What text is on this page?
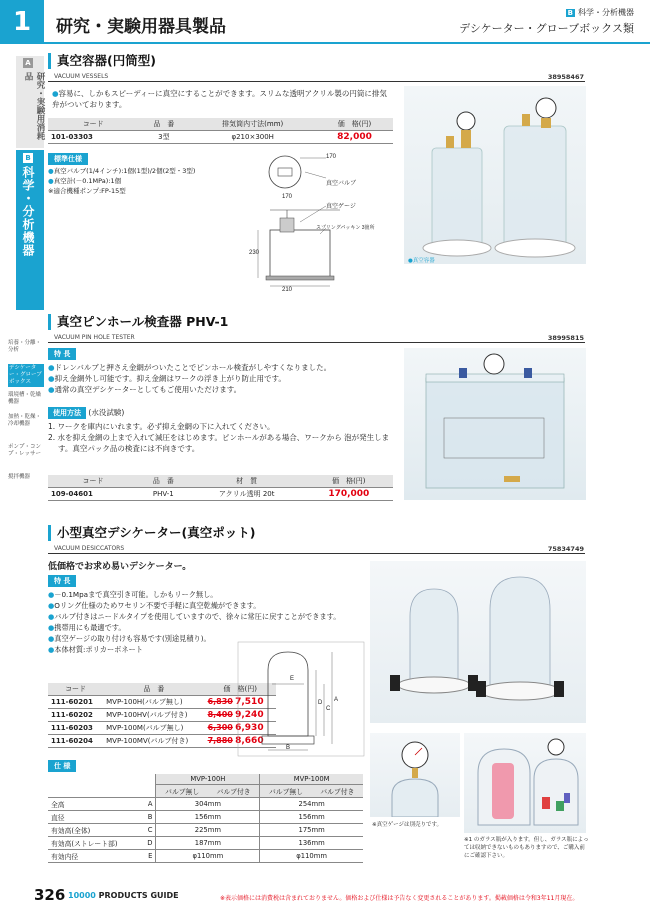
1	研究・実験用器具製品
B 科学・分析機器
デシケーター・グローブボックス類
A
研究・実験用消耗品
B
科学・分析機器
培養・分離・分析
デシケーター・グローブボックス
環境槽・乾燥機器
加熱・乾燥・冷却機器
ポンプ・コンプ・レッサー
撹拌機器
真空容器(円筒型)
VACUUM VESSELS	38958467
●容易に、しかもスピーディーに真空にすることができます。スリムな透明アクリル製の円筒に排気弁がついております。
コード	品　番	排気筒内寸法(mm)	価　格(円)
101-03303	3型	φ210×300H	82,000
標準仕様
●真空バルブ(1/4インチ):1個(1型)/2個(2型・3型)
●真空計(－0.1MPa):1個
※適合機種ポンプ:FP-15型
170
真空バルブ
170
真空ゲージ
スプリングパッキン 3箇所
230
210
●真空容器
真空ピンホール検査器 PHV-1
VACUUM PIN HOLE TESTER	38995815
特 長
●ドレンバルブと押さえ金網がついたことでピンホール検査がしやすくなりました。
●抑え金網外し可能です。抑え金網はワークの浮き上がり防止用です。
●通常の真空デシケーターとしてもご使用いただけます。
使用方法 (水没試験)
1. ワークを庫内にいれます。必ず抑え金網の下に入れてください。
2. 水を抑え金網の上まで入れて減圧をはじめます。ピンホールがある場合、ワークから 泡が発生します。真空パック品の検査には不向きです。
コード	品　番	材　質	価　格(円)
109-04601	PHV-1	アクリル透明 20t	170,000
小型真空デシケーター(真空ポット)
VACUUM DESICCATORS	75834749
低価格でお求め易いデシケーター。
特 長
●－0.1Mpaまで真空引き可能。しかもリーク無し。
●Oリング仕様のためワセリン不要で手軽に真空乾燥ができます。
●バルブ付きはニードルタイプを使用していますので、徐々に常圧に戻すことができます。
●携帯用にも最適です。
●真空ゲージの取り付けも容易です(別途見積り)。
●本体材質:ポリカーボネート
コード	品　番	価　格(円)
111-60201	MVP-100H(バルブ無し)	6,830 7,510
111-60202	MVP-100HV(バルブ付き)	8,400 9,240
111-60203	MVP-100M(バルブ無し)	6,300 6,930
111-60204	MVP-100MV(バルブ付き)	7,880 8,660
E
D
C
A
B
仕 様
		MVP-100H		MVP-100M	
		バルブ無し	バルブ付き	バルブ無し	バルブ付き
全高	A	304mm		254mm	
直径	B	156mm		156mm	
有効高(全体)	C	225mm		175mm	
有効高(ストレート部)	D	187mm		136mm	
有効内径	E	φ110mm		φ110mm	
※真空ゲージは別売りです。
※1 のガラス瓶が入ります。但し、ガラス瓶によっては収納できないものもありますので、ご購入前にご確認下さい。
326 10000 PRODUCTS GUIDE	※表示価格には消費税は含まれておりません。価格および仕様は予告なく変更されることがあります。掲載価格は令和3年11月現在。
